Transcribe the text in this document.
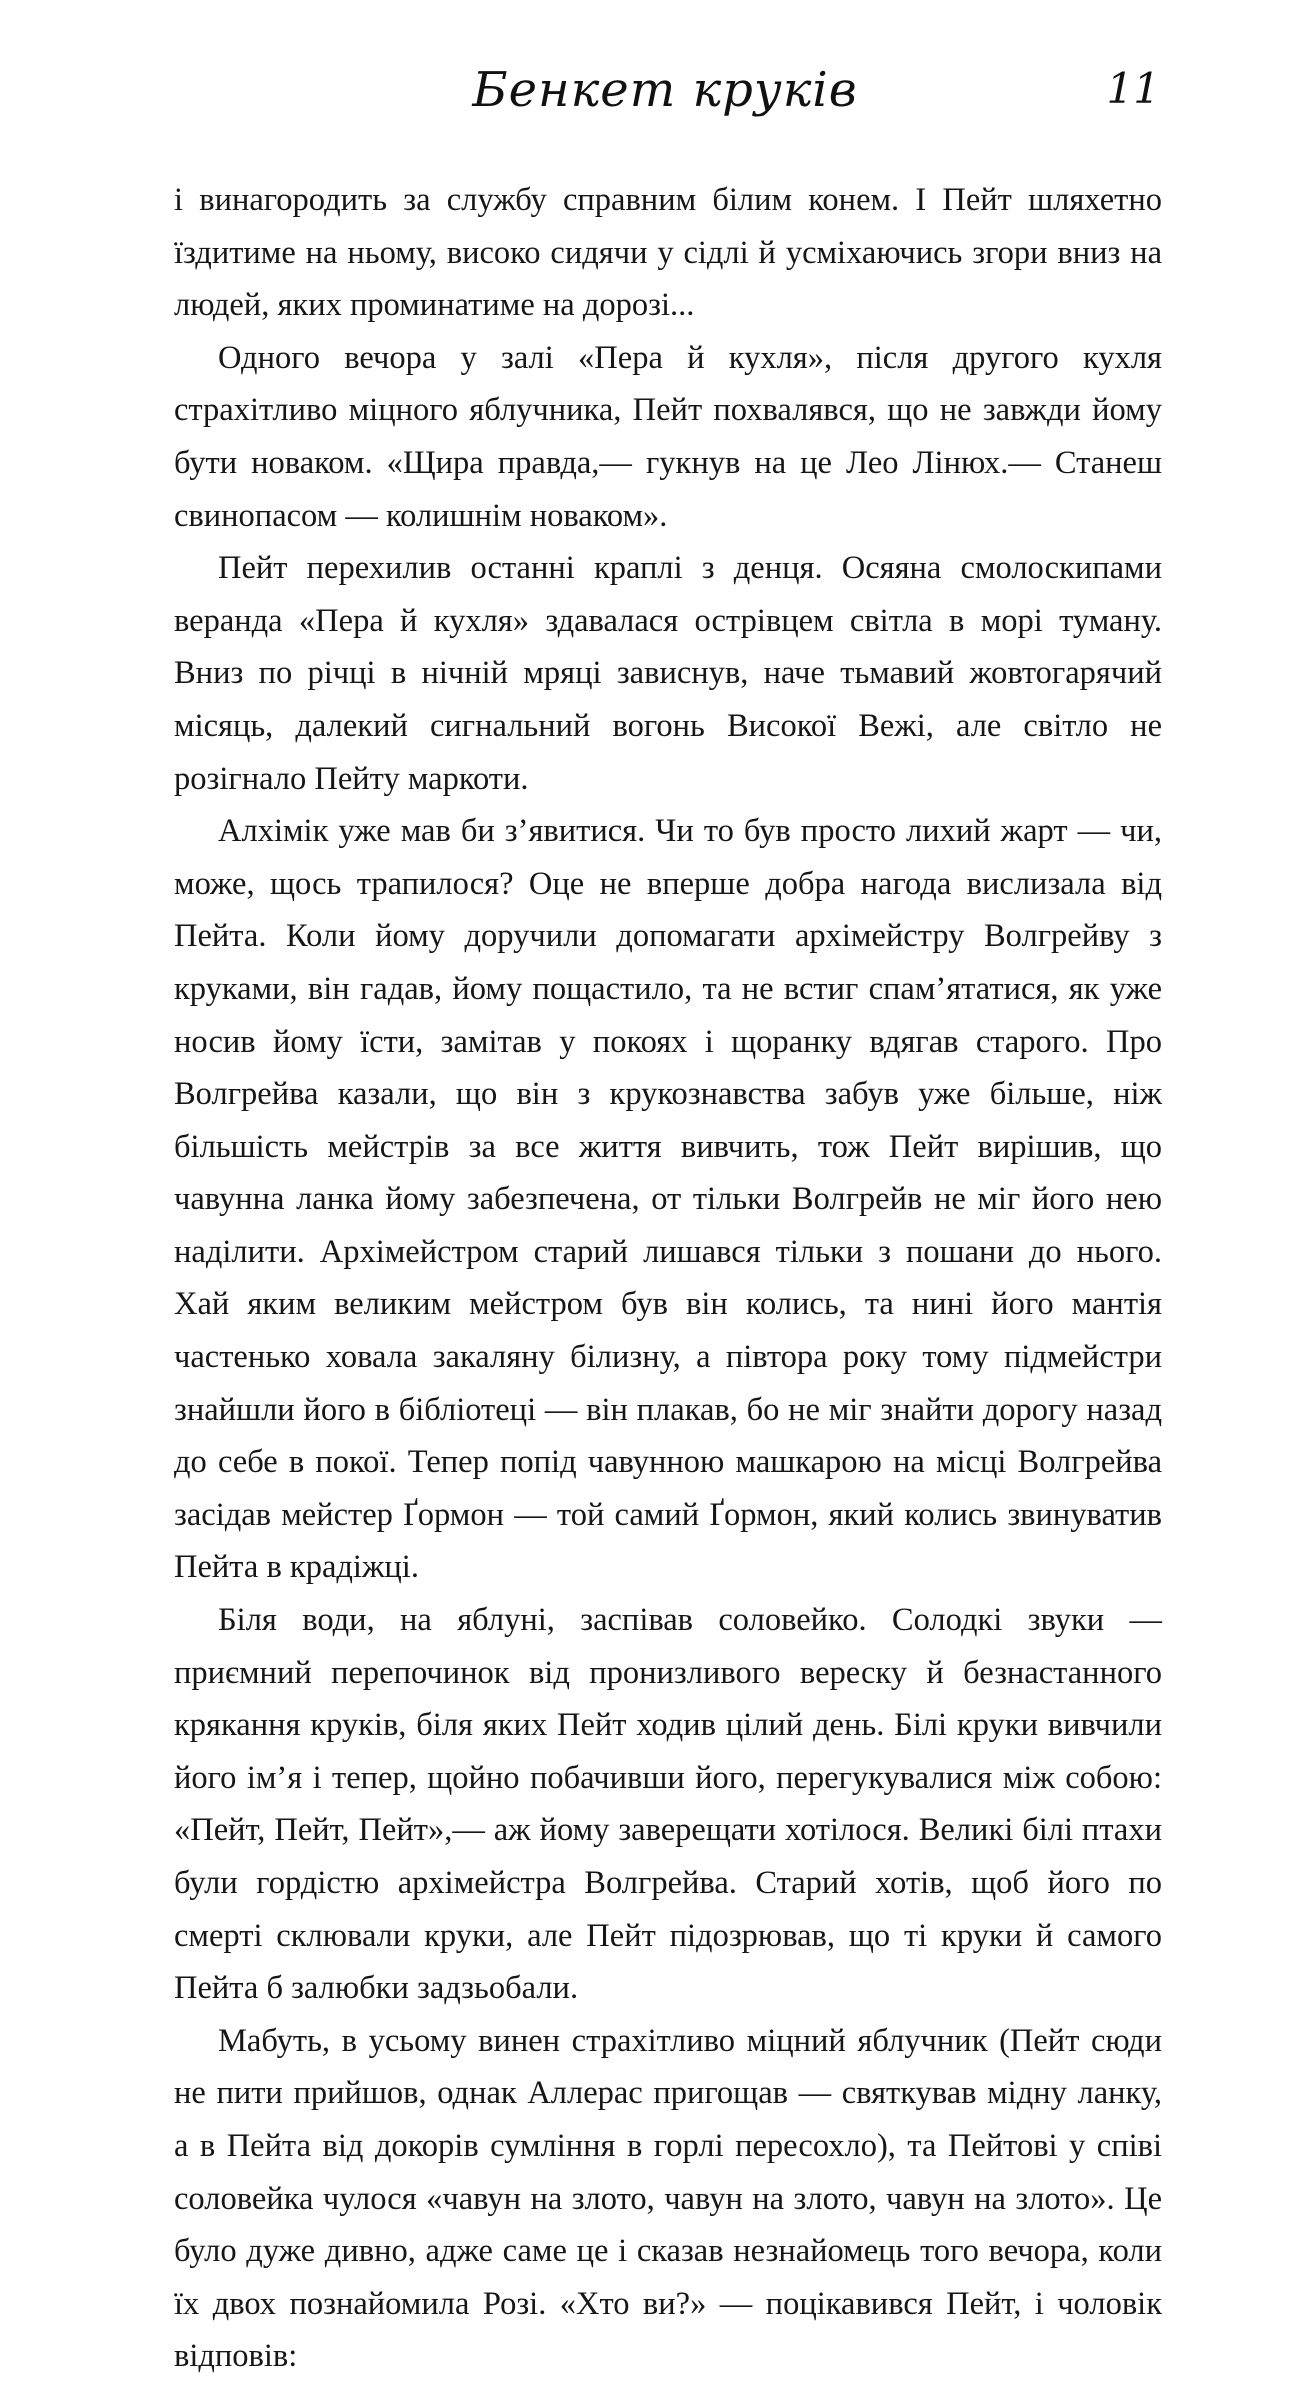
Бенкет круків	11

і винагородить за службу справним білим конем. І Пейт шляхетно їздитиме на ньому, високо сидячи у сідлі й усміхаючись згори вниз на людей, яких проминатиме на дорозі...

Одного вечора у залі «Пера й кухля», після другого кухля страхітливо міцного яблучника, Пейт похвалявся, що не завжди йому бути новаком. «Щира правда,— гукнув на це Лео Лінюх.— Станеш свинопасом — колишнім новаком».

Пейт перехилив останні краплі з денця. Осяяна смолоскипами веранда «Пера й кухля» здавалася острівцем світла в морі туману. Вниз по річці в нічній мряці зависнув, наче тьмавий жовтогарячий місяць, далекий сигнальний вогонь Високої Вежі, але світло не розігнало Пейту маркоти.

Алхімік уже мав би з’явитися. Чи то був просто лихий жарт — чи, може, щось трапилося? Оце не вперше добра нагода вислизала від Пейта. Коли йому доручили допомагати архімейстру Волгрейву з круками, він гадав, йому пощастило, та не встиг спам’ятатися, як уже носив йому їсти, замітав у покоях і щоранку вдягав старого. Про Волгрейва казали, що він з крукознавства забув уже більше, ніж більшість мейстрів за все життя вивчить, тож Пейт вирішив, що чавунна ланка йому забезпечена, от тільки Волгрейв не міг його нею наділити. Архімейстром старий лишався тільки з пошани до нього. Хай яким великим мейстром був він колись, та нині його мантія частенько ховала закаляну білизну, а півтора року тому підмейстри знайшли його в бібліотеці — він плакав, бо не міг знайти дорогу назад до себе в покої. Тепер попід чавунною машкарою на місці Волгрейва засідав мейстер Ґормон — той самий Ґормон, який колись звинуватив Пейта в крадіжці.

Біля води, на яблуні, заспівав соловейко. Солодкі звуки — приємний перепочинок від пронизливого вереску й безнастанного крякання круків, біля яких Пейт ходив цілий день. Білі круки вивчили його ім’я і тепер, щойно побачивши його, перегукувалися між собою: «Пейт, Пейт, Пейт»,— аж йому заверещати хотілося. Великі білі птахи були гордістю архімейстра Волгрейва. Старий хотів, щоб його по смерті склювали круки, але Пейт підозрював, що ті круки й самого Пейта б залюбки задзьобали.

Мабуть, в усьому винен страхітливо міцний яблучник (Пейт сюди не пити прийшов, однак Аллерас пригощав — святкував мідну ланку, а в Пейта від докорів сумління в горлі пересохло), та Пейтові у співі соловейка чулося «чавун на злото, чавун на злото, чавун на злото». Це було дуже дивно, адже саме це і сказав незнайомець того вечора, коли їх двох познайомила Розі. «Хто ви?» — поцікавився Пейт, і чоловік відповів:
